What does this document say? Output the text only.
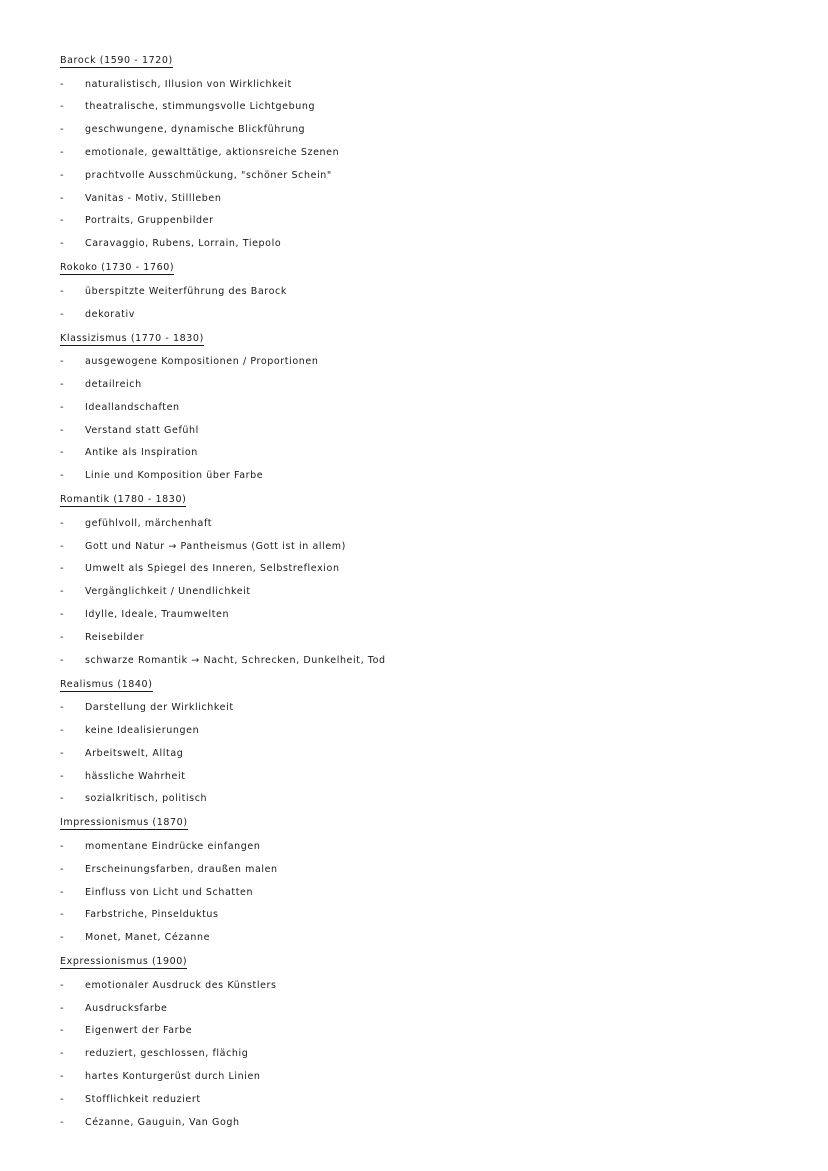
Barock (1590 - 1720)
-	naturalistisch, Illusion von Wirklichkeit
-	theatralische, stimmungsvolle Lichtgebung
-	geschwungene, dynamische Blickführung
-	emotionale, gewalttätige, aktionsreiche Szenen
-	prachtvolle Ausschmückung, "schöner Schein"
-	Vanitas - Motiv, Stillleben
-	Portraits, Gruppenbilder
-	Caravaggio, Rubens, Lorrain, Tiepolo
Rokoko (1730 - 1760)
-	überspitzte Weiterführung des Barock
-	dekorativ
Klassizismus (1770 - 1830)
-	ausgewogene Kompositionen / Proportionen
-	detailreich
-	Ideallandschaften
-	Verstand statt Gefühl
-	Antike als Inspiration
-	Linie und Komposition über Farbe
Romantik (1780 - 1830)
-	gefühlvoll, märchenhaft
-	Gott und Natur → Pantheismus (Gott ist in allem)
-	Umwelt als Spiegel des Inneren, Selbstreflexion
-	Vergänglichkeit / Unendlichkeit
-	Idylle, Ideale, Traumwelten
-	Reisebilder
-	schwarze Romantik → Nacht, Schrecken, Dunkelheit, Tod
Realismus (1840)
-	Darstellung der Wirklichkeit
-	keine Idealisierungen
-	Arbeitswelt, Alltag
-	hässliche Wahrheit
-	sozialkritisch, politisch
Impressionismus (1870)
-	momentane Eindrücke einfangen
-	Erscheinungsfarben, draußen malen
-	Einfluss von Licht und Schatten
-	Farbstriche, Pinselduktus
-	Monet, Manet, Cézanne
Expressionismus (1900)
-	emotionaler Ausdruck des Künstlers
-	Ausdrucksfarbe
-	Eigenwert der Farbe
-	reduziert, geschlossen, flächig
-	hartes Konturgerüst durch Linien
-	Stofflichkeit reduziert
-	Cézanne, Gauguin, Van Gogh
